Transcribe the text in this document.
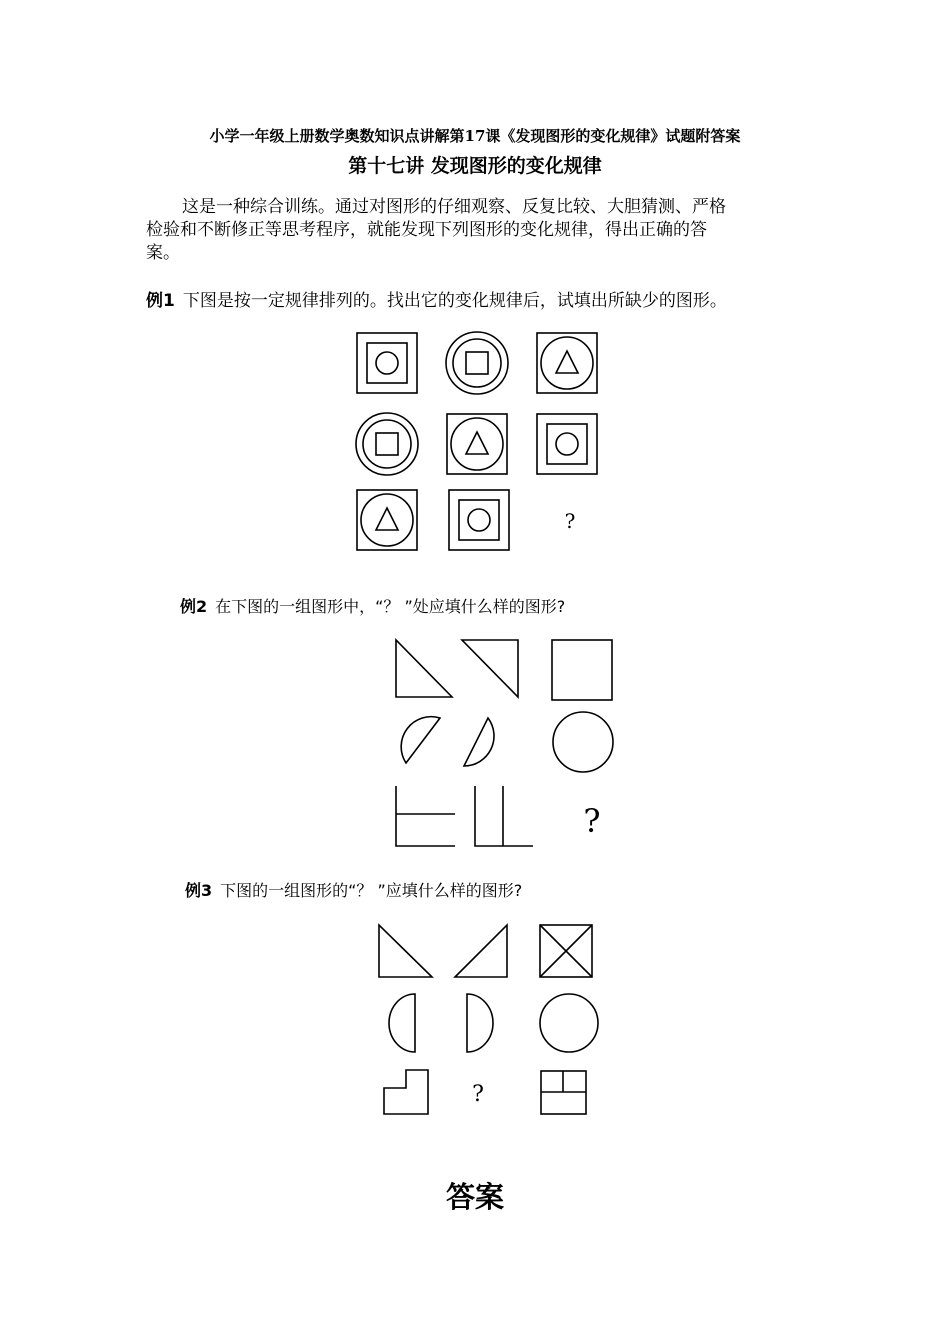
小学一年级上册数学奥数知识点讲解第17课《发现图形的变化规律》试题附答案
第十七讲 发现图形的变化规律
这是一种综合训练。通过对图形的仔细观察、反复比较、大胆猜测、严格
检验和不断修正等思考程序，就能发现下列图形的变化规律，得出正确的答
案。
例1 下图是按一定规律排列的。找出它的变化规律后，试填出所缺少的图形。
例2 在下图的一组图形中，“？ ”处应填什么样的图形?
例3 下图的一组图形的“？ ”应填什么样的图形?
?
?
?
答案
